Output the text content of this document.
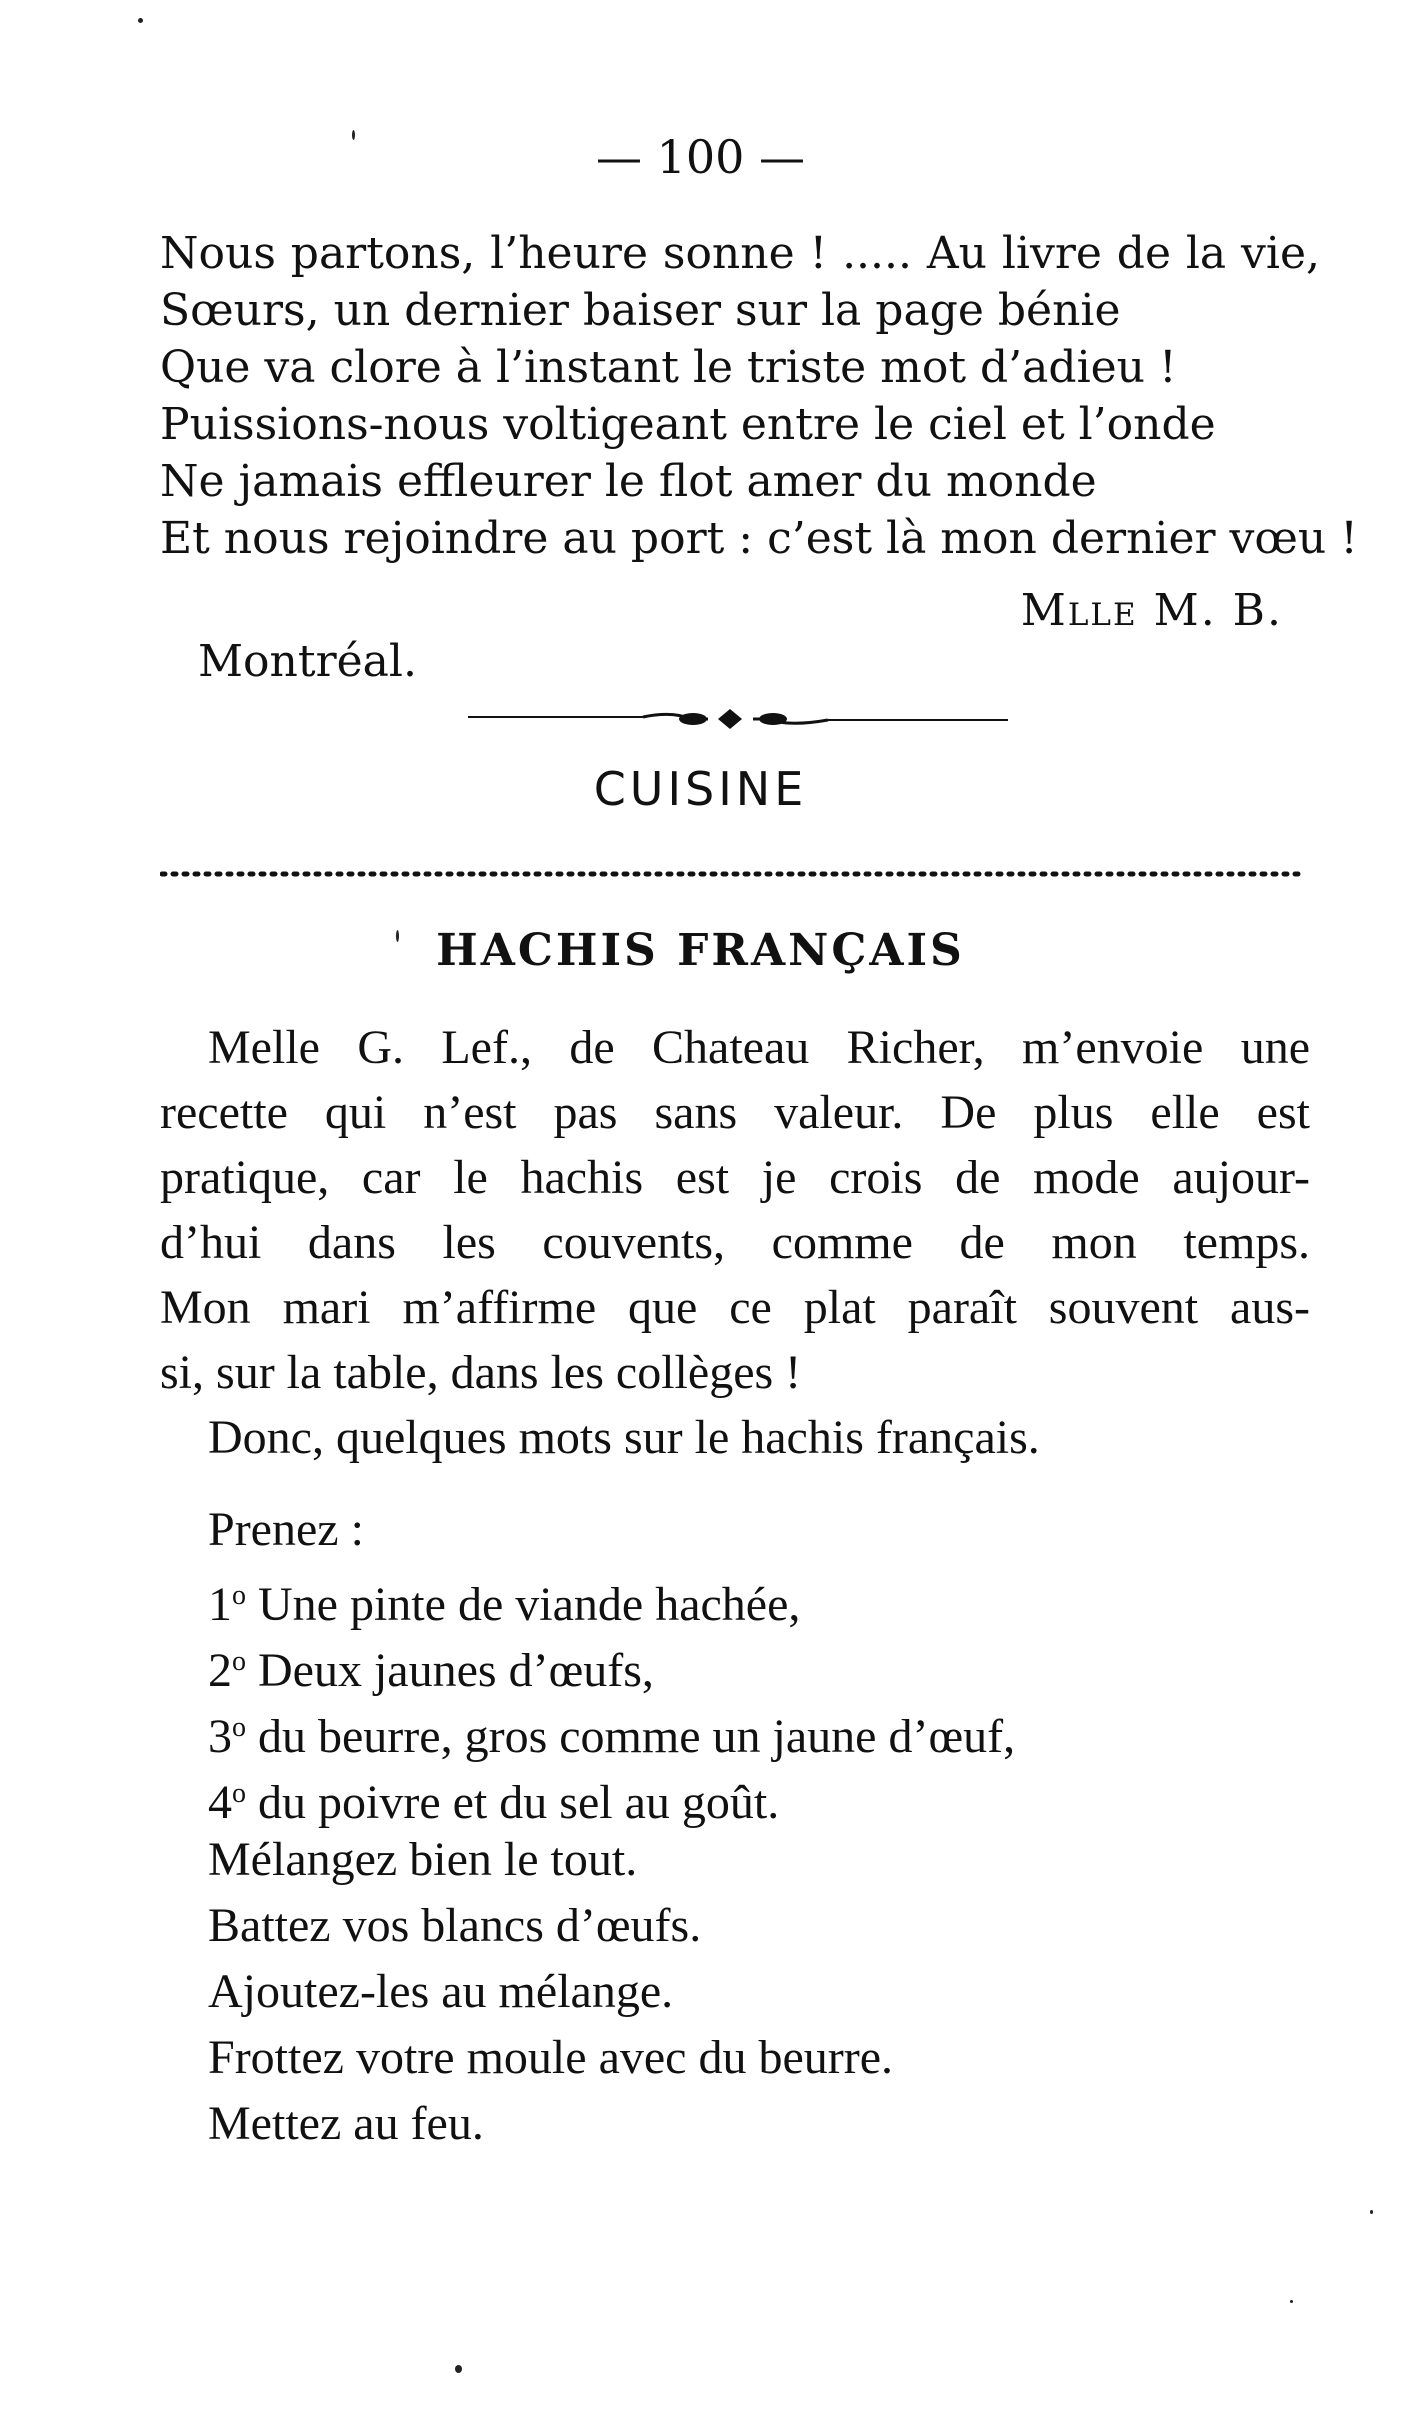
— 100 —
Nous partons, l’heure sonne ! ..... Au livre de la vie,
Sœurs, un dernier baiser sur la page bénie
Que va clore à l’instant le triste mot d’adieu !
Puissions-nous voltigeant entre le ciel et l’onde
Ne jamais effleurer le flot amer du monde
Et nous rejoindre au port : c’est là mon dernier vœu !
Mlle M. B.
Montréal.
CUISINE
HACHIS FRANÇAIS
Melle G. Lef., de Chateau Richer, m’envoie une
recette qui n’est pas sans valeur. De plus elle est
pratique, car le hachis est je crois de mode aujour-
d’hui dans les couvents, comme de mon temps.
Mon mari m’affirme que ce plat paraît souvent aus-
si, sur la table, dans les collèges !
Donc, quelques mots sur le hachis français.
Prenez :
1$^o$ Une pinte de viande hachée,
2$^o$ Deux jaunes d’œufs,
3$^o$ du beurre, gros comme un jaune d’œuf,
4$^o$ du poivre et du sel au goût.
Mélangez bien le tout.
Battez vos blancs d’œufs.
Ajoutez-les au mélange.
Frottez votre moule avec du beurre.
Mettez au feu.
